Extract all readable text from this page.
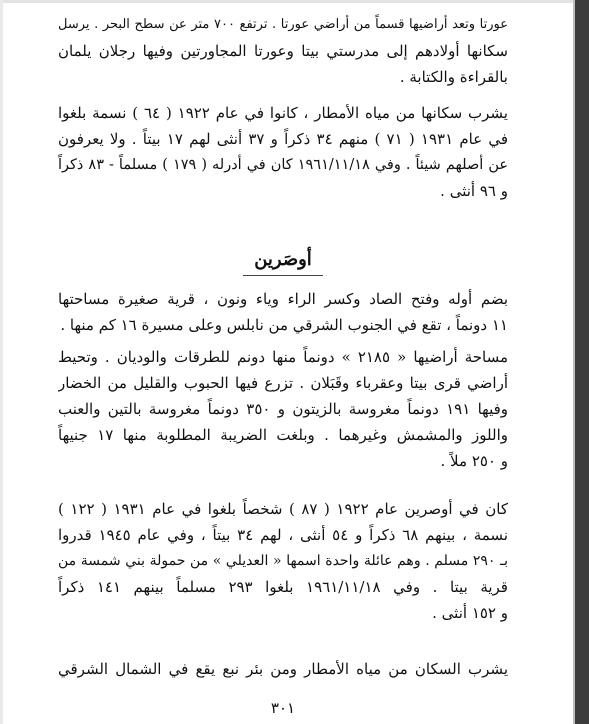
عورتا وتعد أراضيها قسماً من أراضي عورتا . ترتفع ٧٠٠ متر عن سطح البحر . يرسل
سكانها أولادهم إلى مدرستي بيتا وعورتا المجاورتين وفيها رجلان يلمان
بالقراءة والكتابة .
يشرب سكانها من مياه الأمطار ، كانوا في عام ١٩٢٢ ( ٦٤ ) نسمة بلغوا
في عام ١٩٣١ ( ٧١ ) منهم ٣٤ ذكراً و ٣٧ أنثى لهم ١٧ بيتاً . ولا يعرفون
عن أصلهم شيئاً . وفي ١٩٦١/١١/١٨ كان في أدرله ( ١٧٩ ) مسلماً - ٨٣ ذكراً
و ٩٦ أنثى .
أوصَرين
بضم أوله وفتح الصاد وكسر الراء وياء ونون ، قرية صغيرة مساحتها
١١ دونماً ، تقع في الجنوب الشرقي من نابلس وعلى مسيرة ١٦ كم منها .
مساحة أراضيها « ٢١٨٥ » دونماً منها دونم للطرقات والوديان . وتحيط
أراضي قرى بيتا وعقرباء وقَبَلان . تزرع فيها الحبوب والقليل من الخضار
وفيها ١٩١ دونماً مغروسة بالزيتون و ٣٥٠ دونماً مغروسة بالتين والعنب
واللوز والمشمش وغيرهما . وبلغت الضريبة المطلوبة منها ١٧ جنيهاً
و ٢٥٠ ملاً .
كان في أوصرين عام ١٩٢٢ ( ٨٧ ) شخصاً بلغوا في عام ١٩٣١ ( ١٢٢ )
نسمة ، بينهم ٦٨ ذكراً و ٥٤ أنثى ، لهم ٣٤ بيتاً ، وفي عام ١٩٤٥ قدروا
بـ ٢٩٠ مسلم . وهم عائلة واحدة اسمها « العديلي » من حمولة بني شمسة من
قرية بيتا . وفي ١٩٦١/١١/١٨ بلغوا ٢٩٣ مسلماً بينهم ١٤١ ذكراً
و ١٥٢ أنثى .
يشرب السكان من مياه الأمطار ومن بئر نبع يقع في الشمال الشرقي
٣٠١
